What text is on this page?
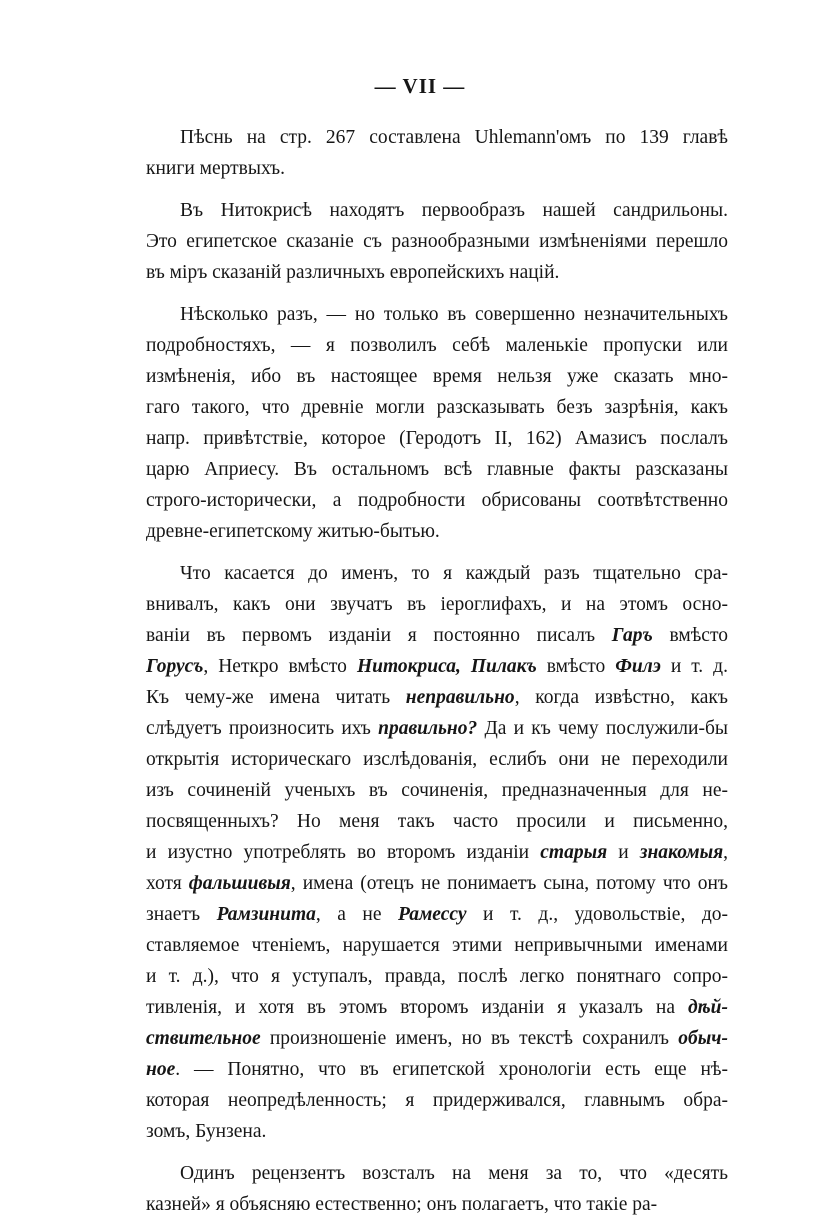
— VII —
Пѣснь на стр. 267 составлена Uhlemann'омъ по 139 главѣ
книги мертвыхъ.
Въ Нитокрисѣ находятъ первообразъ нашей сандрильоны.
Это египетское сказаніе съ разнообразными измѣненіями перешло
въ міръ сказаній различныхъ европейскихъ націй.
Нѣсколько разъ, — но только въ совершенно незначительныхъ
подробностяхъ, — я позволилъ себѣ маленькіе пропуски или
измѣненія, ибо въ настоящее время нельзя уже сказать мно-
гаго такого, что древніе могли разсказывать безъ зазрѣнія, какъ
напр. привѣтствіе, которое (Геродотъ II, 162) Амазисъ послалъ
царю Априесу. Въ остальномъ всѣ главные факты разсказаны
строго-исторически, а подробности обрисованы соотвѣтственно
древне-египетскому житью-бытью.
Что касается до именъ, то я каждый разъ тщательно сра-
внивалъ, какъ они звучатъ въ іероглифахъ, и на этомъ осно-
ваніи въ первомъ изданіи я постоянно писалъ Гаръ вмѣсто
Горусъ, Неткро вмѣсто Нитокриса, Пилакъ вмѣсто Филэ и т. д.
Къ чему-же имена читать неправильно, когда извѣстно, какъ
слѣдуетъ произносить ихъ правильно? Да и къ чему послужили-бы
открытія историческаго изслѣдованія, еслибъ они не переходили
изъ сочиненій ученыхъ въ сочиненія, предназначенныя для не-
посвященныхъ? Но меня такъ часто просили и письменно,
и изустно употреблять во второмъ изданіи старыя и знакомыя,
хотя фальшивыя, имена (отецъ не понимаетъ сына, потому что онъ
знаетъ Рамзинита, а не Рамессу и т. д., удовольствіе, до-
ставляемое чтеніемъ, нарушается этими непривычными именами
и т. д.), что я уступалъ, правда, послѣ легко понятнаго сопро-
тивленія, и хотя въ этомъ второмъ изданіи я указалъ на дѣй-
ствительное произношеніе именъ, но въ текстѣ сохранилъ обыч-
ное. — Понятно, что въ египетской хронологіи есть еще нѣ-
которая неопредѣленность; я придерживался, главнымъ обра-
зомъ, Бунзена.
Одинъ рецензентъ возсталъ на меня за то, что «десять
казней» я объясняю естественно; онъ полагаетъ, что такіе ра-
